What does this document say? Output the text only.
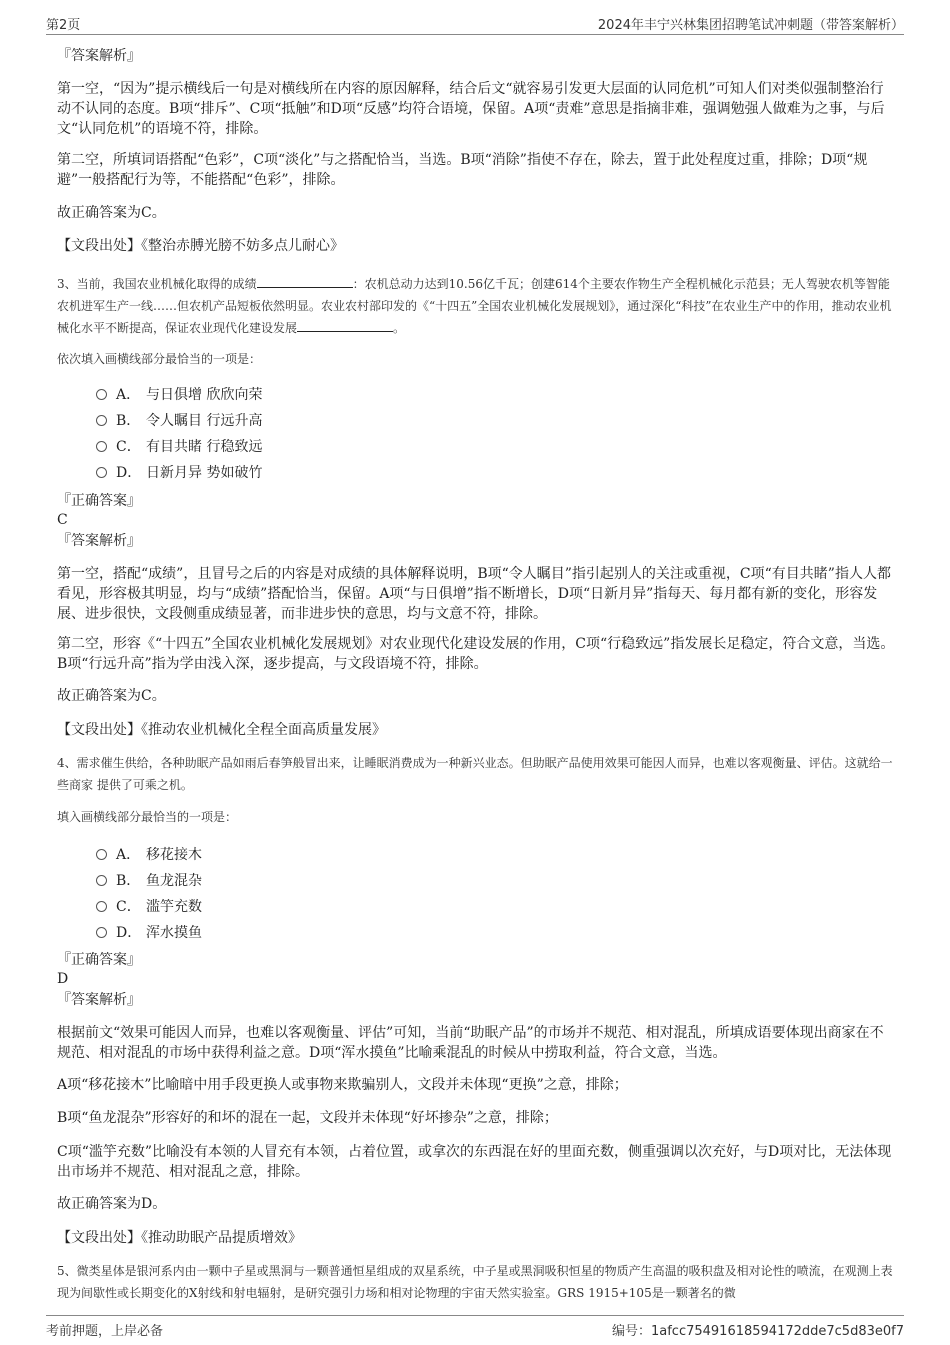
第2页	2024年丰宁兴林集团招聘笔试冲刺题（带答案解析）
『答案解析』
第一空，“因为”提示横线后一句是对横线所在内容的原因解释，结合后文“就容易引发更大层面的认同危机”可知人们对类似强制整治行动不认同的态度。B项“排斥”、C项“抵触”和D项“反感”均符合语境，保留。A项“责难”意思是指摘非难，强调勉强人做难为之事，与后文“认同危机”的语境不符，排除。
第二空，所填词语搭配“色彩”，C项“淡化”与之搭配恰当，当选。B项“消除”指使不存在，除去，置于此处程度过重，排除；D项“规避”一般搭配行为等，不能搭配“色彩”，排除。
故正确答案为C。
【文段出处】《整治赤膊光膀不妨多点儿耐心》
3、当前，我国农业机械化取得的成绩	：农机总动力达到10.56亿千瓦；创建614个主要农作物生产全程机械化示范县；无人驾驶农机等智能农机进军生产一线……但农机产品短板依然明显。农业农村部印发的《“十四五”全国农业机械化发展规划》，通过深化“科技”在农业生产中的作用，推动农业机械化水平不断提高，保证农业现代化建设发展	。
依次填入画横线部分最恰当的一项是：
A． 与日俱增 欣欣向荣
B． 令人瞩目 行远升高
C． 有目共睹 行稳致远
D． 日新月异 势如破竹
『正确答案』
C
『答案解析』
第一空，搭配“成绩”，且冒号之后的内容是对成绩的具体解释说明，B项“令人瞩目”指引起别人的关注或重视，C项“有目共睹”指人人都看见，形容极其明显，均与“成绩”搭配恰当，保留。A项“与日俱增”指不断增长，D项“日新月异”指每天、每月都有新的变化，形容发展、进步很快，文段侧重成绩显著，而非进步快的意思，均与文意不符，排除。
第二空，形容《“十四五”全国农业机械化发展规划》对农业现代化建设发展的作用，C项“行稳致远”指发展长足稳定，符合文意，当选。B项“行远升高”指为学由浅入深，逐步提高，与文段语境不符，排除。
故正确答案为C。
【文段出处】《推动农业机械化全程全面高质量发展》
4、需求催生供给，各种助眠产品如雨后春笋般冒出来，让睡眠消费成为一种新兴业态。但助眠产品使用效果可能因人而异，也难以客观衡量、评估。这就给一些商家 提供了可乘之机。
填入画横线部分最恰当的一项是：
A． 移花接木
B． 鱼龙混杂
C． 滥竽充数
D． 浑水摸鱼
『正确答案』
D
『答案解析』
根据前文“效果可能因人而异，也难以客观衡量、评估”可知，当前“助眠产品”的市场并不规范、相对混乱，所填成语要体现出商家在不规范、相对混乱的市场中获得利益之意。D项“浑水摸鱼”比喻乘混乱的时候从中捞取利益，符合文意，当选。
A项“移花接木”比喻暗中用手段更换人或事物来欺骗别人，文段并未体现“更换”之意，排除；
B项“鱼龙混杂”形容好的和坏的混在一起，文段并未体现“好坏掺杂”之意，排除；
C项“滥竽充数”比喻没有本领的人冒充有本领，占着位置，或拿次的东西混在好的里面充数，侧重强调以次充好，与D项对比，无法体现出市场并不规范、相对混乱之意，排除。
故正确答案为D。
【文段出处】《推动助眠产品提质增效》
5、微类星体是银河系内由一颗中子星或黑洞与一颗普通恒星组成的双星系统，中子星或黑洞吸积恒星的物质产生高温的吸积盘及相对论性的喷流，在观测上表现为间歇性或长期变化的X射线和射电辐射，是研究强引力场和相对论物理的宇宙天然实验室。GRS 1915+105是一颗著名的微
考前押题，上岸必备	编号：1afcc75491618594172dde7c5d83e0f7
